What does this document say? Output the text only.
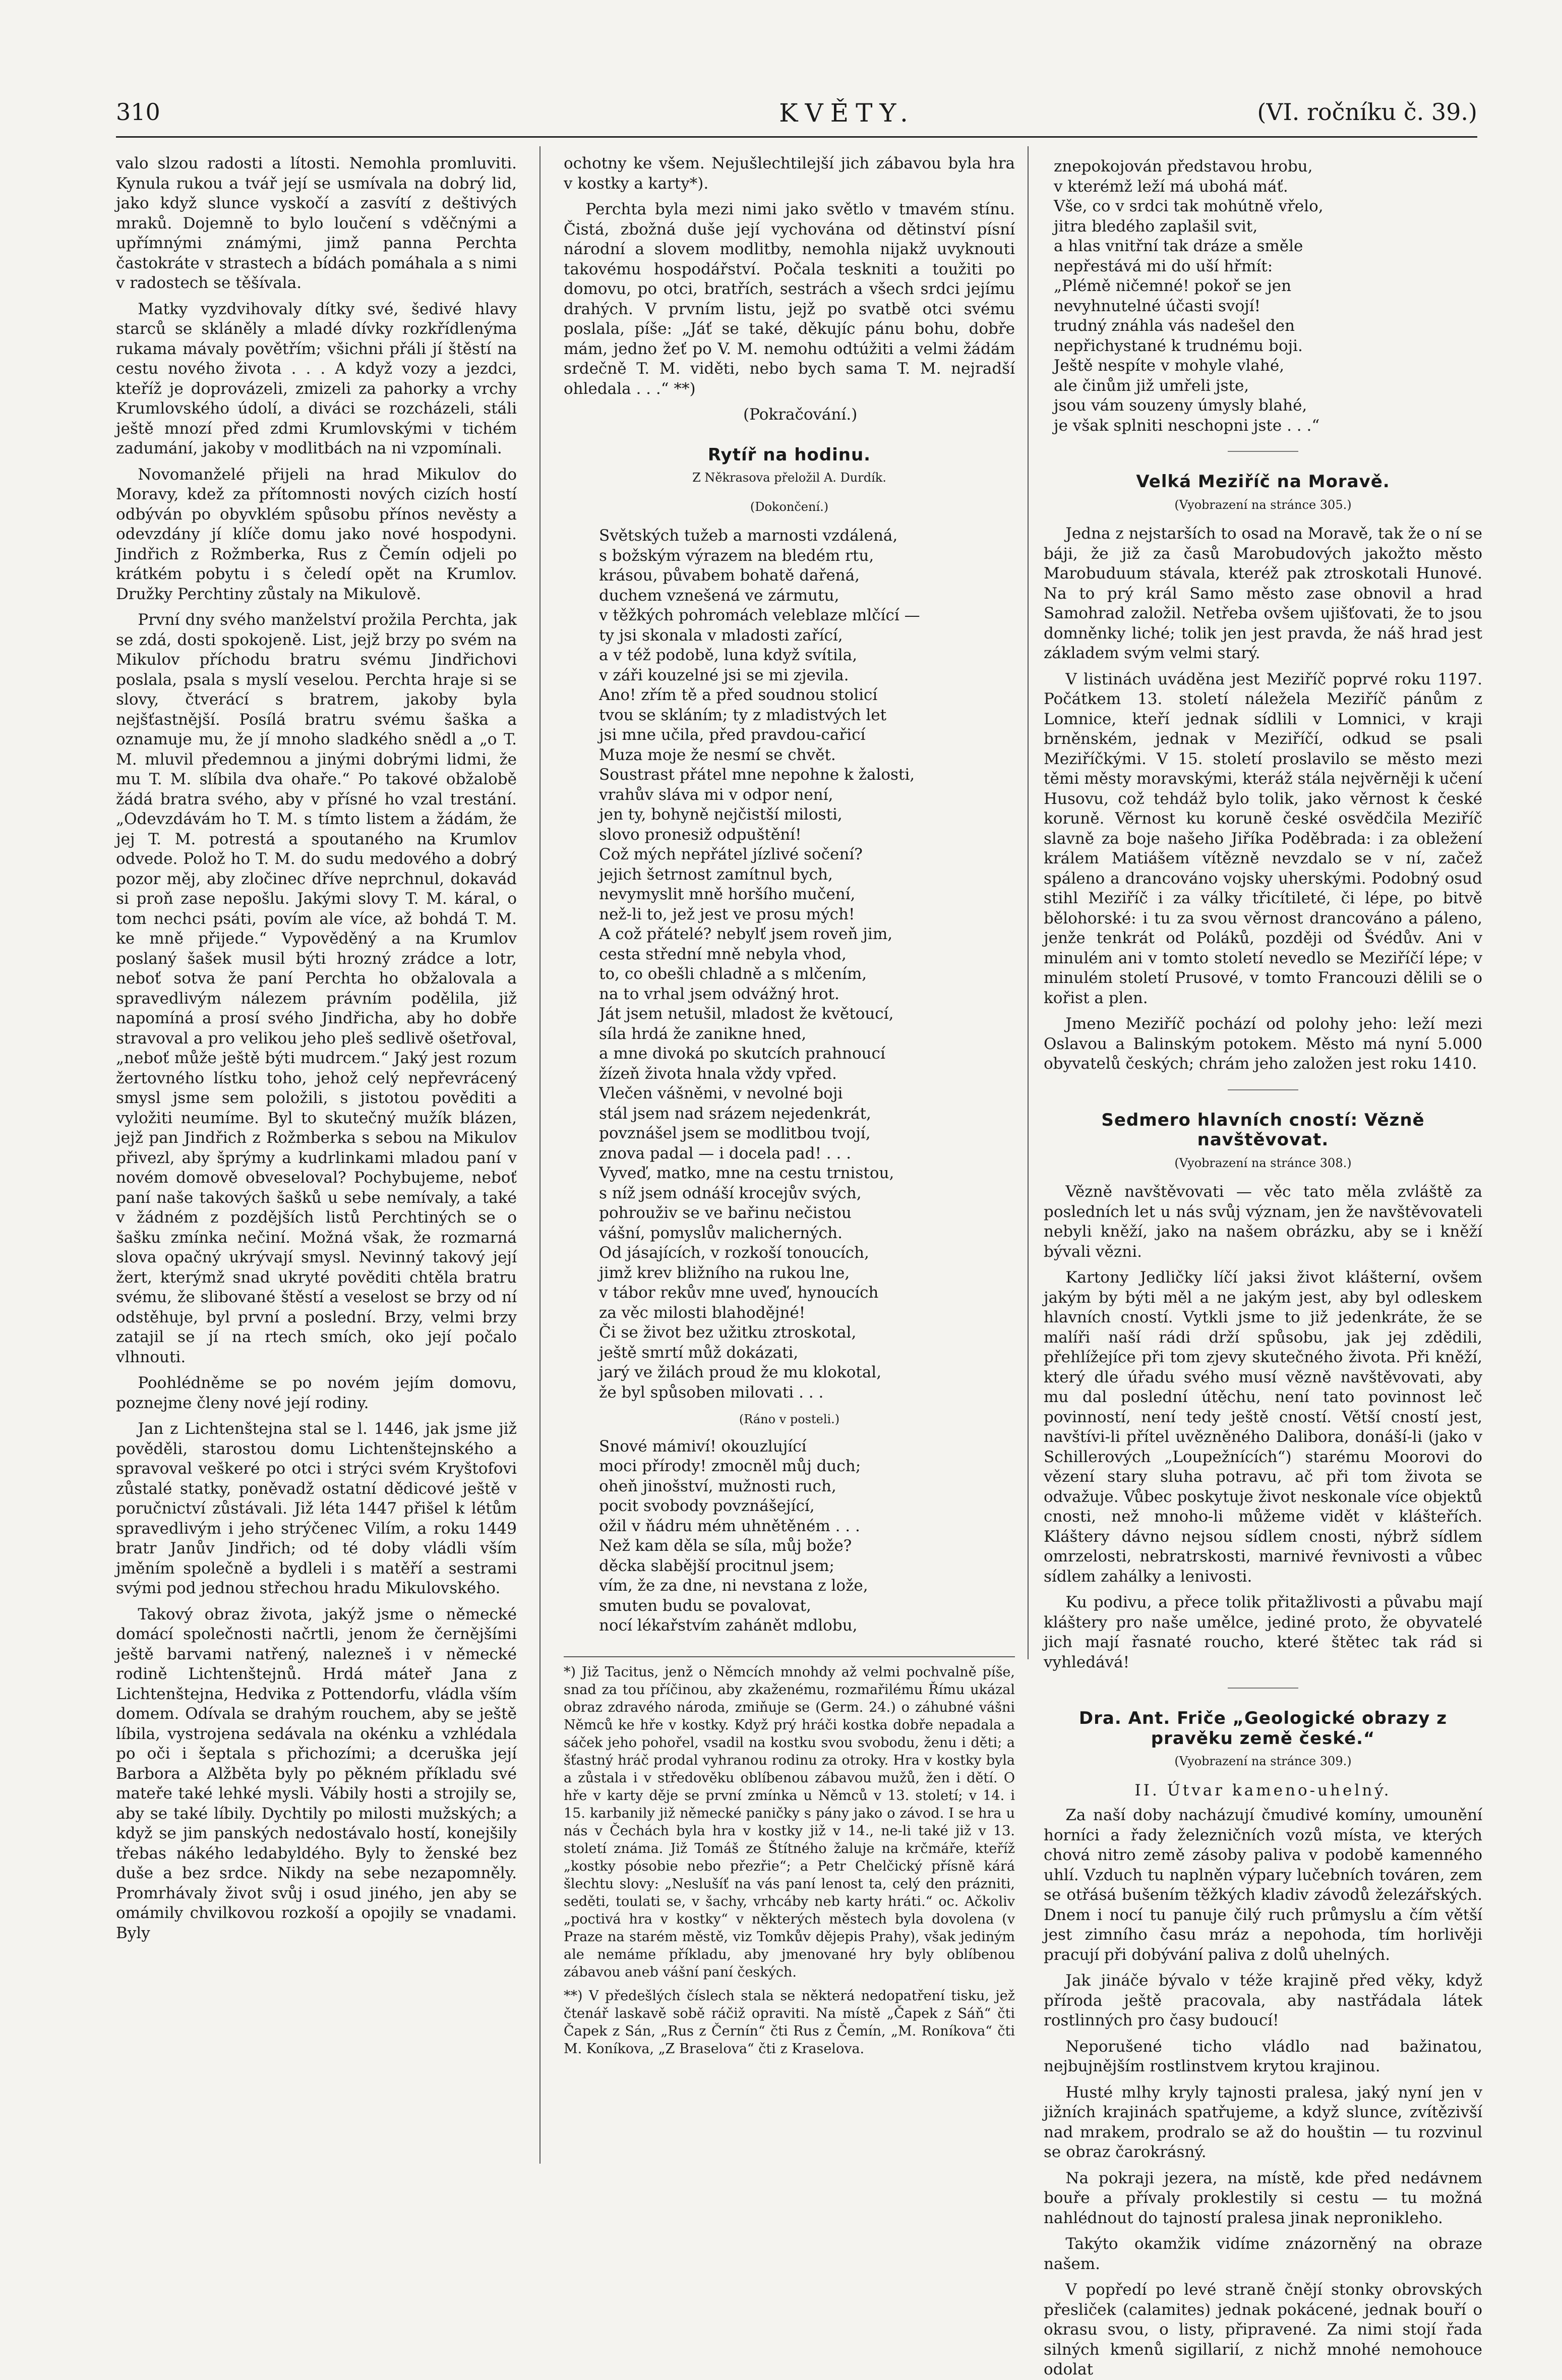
310	KVĚTY.	(VI. ročníku č. 39.)

valo slzou radosti a lítosti. Nemohla promluviti. Kynula rukou a tvář její se usmívala na dobrý lid, jako když slunce vyskočí a zasvítí z deštivých mraků. Dojemně to bylo loučení s vděčnými a upřímnými známými, jimž panna Perchta častokráte v strastech a bídách pomáhala a s nimi v radostech se těšívala.

Matky vyzdvihovaly dítky své, šedivé hlavy starců se skláněly a mladé dívky rozkřídlenýma rukama mávaly povětřím; všichni přáli jí štěstí na cestu nového života . . . A když vozy a jezdci, kteříž je doprovázeli, zmizeli za pahorky a vrchy Krumlovského údolí, a diváci se rozcházeli, stáli ještě mnozí před zdmi Krumlovskými v tichém zadumání, jakoby v modlitbách na ni vzpomínali.

Novomanželé přijeli na hrad Mikulov do Moravy, kdež za přítomnosti nových cizích hostí odbýván po obyvklém spůsobu přínos nevěsty a odevzdány jí klíče domu jako nové hospodyni. Jindřich z Rožmberka, Rus z Čemín odjeli po krátkém pobytu i s čeledí opět na Krumlov. Družky Perchtiny zůstaly na Mikulově.

První dny svého manželství prožila Perchta, jak se zdá, dosti spokojeně. List, jejž brzy po svém na Mikulov příchodu bratru svému Jindřichovi poslala, psala s myslí veselou. Perchta hraje si se slovy, čtverácí s bratrem, jakoby byla nejšťastnější. Posílá bratru svému šaška a oznamuje mu, že jí mnoho sladkého snědl a „o T. M. mluvil předemnou a jinými dobrými lidmi, že mu T. M. slíbila dva ohaře.“ Po takové obžalobě žádá bratra svého, aby v přísné ho vzal trestání. „Odevzdávám ho T. M. s tímto listem a žádám, že jej T. M. potrestá a spoutaného na Krumlov odvede. Polož ho T. M. do sudu medového a dobrý pozor měj, aby zločinec dříve neprchnul, dokavád si proň zase nepošlu. Jakými slovy T. M. káral, o tom nechci psáti, povím ale více, až bohdá T. M. ke mně přijede.“ Vypověděný a na Krumlov poslaný šašek musil býti hrozný zrádce a lotr, neboť sotva že paní Perchta ho obžalovala a spravedlivým nálezem právním podělila, již napomíná a prosí svého Jindřicha, aby ho dobře stravoval a pro velikou jeho pleš sedlivě ošetřoval, „neboť může ještě býti mudrcem.“ Jaký jest rozum žertovného lístku toho, jehož celý nepřevrácený smysl jsme sem položili, s jistotou pověditi a vyložiti neumíme. Byl to skutečný mužík blázen, jejž pan Jindřich z Rožmberka s sebou na Mikulov přivezl, aby šprýmy a kudrlinkami mladou paní v novém domově obveseloval? Pochybujeme, neboť paní naše takových šašků u sebe nemívaly, a také v žádném z pozdějších listů Perchtiných se o šašku zmínka nečiní. Možná však, že rozmarná slova opačný ukrývají smysl. Nevinný takový její žert, kterýmž snad ukryté pověditi chtěla bratru svému, že slibované štěstí a veselost se brzy od ní odstěhuje, byl první a poslední. Brzy, velmi brzy zatajil se jí na rtech smích, oko její počalo vlhnouti.

Poohlédněme se po novém jejím domovu, poznejme členy nové její rodiny.

Jan z Lichtenštejna stal se l. 1446, jak jsme již pověděli, starostou domu Lichtenštejnského a spravoval veškeré po otci i strýci svém Kryštofovi zůstalé statky, poněvadž ostatní dědicové ještě v poručnictví zůstávali. Již léta 1447 přišel k létům spravedlivým i jeho strýčenec Vilím, a roku 1449 bratr Janův Jindřich; od té doby vládli vším jměním společně a bydleli i s matěří a sestrami svými pod jednou střechou hradu Mikulovského.

Takový obraz života, jakýž jsme o německé domácí společnosti načrtli, jenom že černějšími ještě barvami natřený, nalezneš i v německé rodině Lichtenštejnů. Hrdá máteř Jana z Lichtenštejna, Hedvika z Pottendorfu, vládla vším domem. Odívala se drahým rouchem, aby se ještě líbila, vystrojena sedávala na okénku a vzhlédala po oči i šeptala s přichozími; a dceruška její Barbora a Alžběta byly po pěkném příkladu své mateře také lehké mysli. Vábily hosti a strojily se, aby se také líbily. Dychtily po milosti mužských; a když se jim panských nedostávalo hostí, konejšily třebas nákého ledabyldého. Byly to ženské bez duše a bez srdce. Nikdy na sebe nezapomněly. Promrhávaly život svůj i osud jiného, jen aby se omámily chvilkovou rozkoší a opojily se vnadami. Byly

ochotny ke všem. Nejušlechtilejší jich zábavou byla hra v kostky a karty*).

Perchta byla mezi nimi jako světlo v tmavém stínu. Čistá, zbožná duše její vychována od dětinství písní národní a slovem modlitby, nemohla nijakž uvyknouti takovému hospodářství. Počala teskniti a toužiti po domovu, po otci, bratřích, sestrách a všech srdci jejímu drahých. V prvním listu, jejž po svatbě otci svému poslala, píše: „Jáť se také, děkujíc pánu bohu, dobře mám, jedno žeť po V. M. nemohu odtúžiti a velmi žádám srdečně T. M. viděti, nebo bych sama T. M. nejradší ohledala . . .“ **)

(Pokračování.)

Rytíř na hodinu.
Z Někrasova přeložil A. Durdík.
(Dokončení.)
Světských tužeb a marnosti vzdálená,
s božským výrazem na bledém rtu,
krásou, půvabem bohatě dařená,
duchem vznešená ve zármutu,
v těžkých pohromách veleblaze mlčící —
ty jsi skonala v mladosti zařící,
a v též podobě, luna když svítila,
v záři kouzelné jsi se mi zjevila.
Ano! zřím tě a před soudnou stolicí
tvou se skláním; ty z mladistvých let
jsi mne učila, před pravdou-cařicí
Muza moje že nesmí se chvět.
Soustrast přátel mne nepohne k žalosti,
vrahův sláva mi v odpor není,
jen ty, bohyně nejčistší milosti,
slovo pronesiž odpuštění!
Což mých nepřátel jízlivé sočení?
jejich šetrnost zamítnul bych,
nevymyslit mně horšího mučení,
než-li to, jež jest ve prosu mých!
A což přátelé? nebylť jsem roveň jim,
cesta střední mně nebyla vhod,
to, co obešli chladně a s mlčením,
na to vrhal jsem odvážný hrot.
Ját jsem netušil, mladost že květoucí,
síla hrdá že zanikne hned,
a mne divoká po skutcích prahnoucí
žízeň života hnala vždy vpřed.
Vlečen vášněmi, v nevolné boji
stál jsem nad srázem nejedenkrát,
povznášel jsem se modlitbou tvojí,
znova padal — i docela pad! . . .
Vyveď, matko, mne na cestu trnistou,
s níž jsem odnáší krocejův svých,
pohrouživ se ve bařinu nečistou
vášní, pomyslův malicherných.
Od jásajících, v rozkoší tonoucích,
jimž krev bližního na rukou lne,
v tábor rekův mne uveď, hynoucích
za věc milosti blahodějné!
Či se život bez užitku ztroskotal,
ještě smrtí můž dokázati,
jarý ve žilách proud že mu klokotal,
že byl spůsoben milovati . . .
(Ráno v posteli.)
Snové mámiví! okouzlující
moci přírody! zmocněl můj duch;
oheň jinošství, mužnosti ruch,
pocit svobody povznášející,
ožil v ňádru mém uhnětěném . . .
Než kam děla se síla, můj bože?
děcka slabější procitnul jsem;
vím, že za dne, ni nevstana z lože,
smuten budu se povalovat,
nocí lékařstvím zahánět mdlobu,

*) Již Tacitus, jenž o Němcích mnohdy až velmi pochvalně píše, snad za tou příčinou, aby zkaženému, rozmařilému Římu ukázal obraz zdravého národa, zmiňuje se (Germ. 24.) o záhubné vášni Němců ke hře v kostky. Když prý hráči kostka dobře nepadala a sáček jeho pohořel, vsadil na kostku svou svobodu, ženu i děti; a šťastný hráč prodal vyhranou rodinu za otroky. Hra v kostky byla a zůstala i v středověku oblíbenou zábavou mužů, žen i dětí. O hře v karty děje se první zmínka u Němců v 13. století; v 14. i 15. karbanily již německé paničky s pány jako o závod. I se hra u nás v Čechách byla hra v kostky již v 14., ne-li také již v 13. století známa. Již Tomáš ze Štítného žaluje na krčmáře, kteříž „kostky pósobie nebo přezřie“; a Petr Chelčický přísně kárá šlechtu slovy: „Neslušíť na vás paní lenost ta, celý den prázniti, seděti, toulati se, v šachy, vrhcáby neb karty hráti.“ oc. Ačkoliv „poctivá hra v kostky“ v některých městech byla dovolena (v Praze na starém městě, viz Tomkův dějepis Prahy), však jediným ale nemáme příkladu, aby jmenované hry byly oblíbenou zábavou aneb vášní paní českých.

**) V předešlých číslech stala se některá nedopatření tisku, jež čtenář laskavě sobě ráčiž opraviti. Na místě „Čapek z Sáň“ čti Čapek z Sán, „Rus z Černín“ čti Rus z Čemín, „M. Roníkova“ čti M. Koníkova, „Z Braselova“ čti z Kraselova.

znepokojován představou hrobu,
v kterémž leží má ubohá máť.
Vše, co v srdci tak mohútně vřelo,
jitra bledého zaplašil svit,
a hlas vnitřní tak dráze a směle
nepřestává mi do uší hřmít:
„Plémě ničemné! pokoř se jen
nevyhnutelné účasti svojí!
trudný znáhla vás nadešel den
nepřichystané k trudnému boji.
Ještě nespíte v mohyle vlahé,
ale činům již umřeli jste,
jsou vám souzeny úmysly blahé,
je však splniti neschopni jste . . .“
Velká Meziříč na Moravě.
(Vyobrazení na stránce 305.)

Jedna z nejstarších to osad na Moravě, tak že o ní se báji, že již za časů Marobudových jakožto město Marobuduum stávala, kteréž pak ztroskotali Hunové. Na to prý král Samo město zase obnovil a hrad Samohrad založil. Netřeba ovšem ujišťovati, že to jsou domněnky liché; tolik jen jest pravda, že náš hrad jest základem svým velmi starý.

V listinách uváděna jest Meziříč poprvé roku 1197. Počátkem 13. století náležela Meziříč pánům z Lomnice, kteří jednak sídlili v Lomnici, v kraji brněnském, jednak v Meziříčí, odkud se psali Meziříčkými. V 15. století proslavilo se město mezi těmi městy moravskými, kteráž stála nejvěrněji k učení Husovu, což tehdáž bylo tolik, jako věrnost k české koruně. Věrnost ku koruně české osvědčila Meziříč slavně za boje našeho Jiříka Poděbrada: i za obležení králem Matiášem vítězně nevzdalo se v ní, začež spáleno a drancováno vojsky uherskými. Podobný osud stihl Meziříč i za války třicítileté, či lépe, po bitvě bělohorské: i tu za svou věrnost drancováno a páleno, jenže tenkrát od Poláků, později od Švédův. Ani v minulém ani v tomto století nevedlo se Meziříčí lépe; v minulém století Prusové, v tomto Francouzi dělili se o kořist a plen.

Jmeno Meziříč pochází od polohy jeho: leží mezi Oslavou a Balinským potokem. Město má nyní 5.000 obyvatelů českých; chrám jeho založen jest roku 1410.

Sedmero hlavních cností: Vězně navštěvovat.
(Vyobrazení na stránce 308.)

Vězně navštěvovati — věc tato měla zvláště za posledních let u nás svůj význam, jen že navštěvovateli nebyli kněží, jako na našem obrázku, aby se i kněží bývali vězni.

Kartony Jedličky líčí jaksi život klášterní, ovšem jakým by býti měl a ne jakým jest, aby byl odleskem hlavních cností. Vytkli jsme to již jedenkráte, že se malíři naší rádi drží spůsobu, jak jej zdědili, přehlížejíce při tom zjevy skutečného života. Při kněží, který dle úřadu svého musí vězně navštěvovati, aby mu dal poslední útěchu, není tato povinnost leč povinností, není tedy ještě cností. Větší cností jest, navštívi-li přítel uvězněného Dalibora, donáší-li (jako v Schillerových „Loupežnících“) starému Moorovi do vězení stary sluha potravu, ač při tom života se odvažuje. Vůbec poskytuje život neskonale více objektů cnosti, než mnoho-li můžeme vidět v klášteřích. Kláštery dávno nejsou sídlem cnosti, nýbrž sídlem omrzelosti, nebratrskosti, marnivé řevnivosti a vůbec sídlem zahálky a lenivosti.

Ku podivu, a přece tolik přitažlivosti a půvabu mají kláštery pro naše umělce, jediné proto, že obyvatelé jich mají řasnaté roucho, které štětec tak rád si vyhledává!

Dra. Ant. Friče „Geologické obrazy z pravěku země české.“
(Vyobrazení na stránce 309.)
II. Útvar kameno-uhelný.

Za naší doby nacházují čmudivé komíny, umounění horníci a řady železničních vozů místa, ve kterých chová nitro země zásoby paliva v podobě kamenného uhlí. Vzduch tu naplněn výpary lučebních továren, zem se otřásá bušením těžkých kladiv závodů železářských. Dnem i nocí tu panuje čilý ruch průmyslu a čím větší jest zimního času mráz a nepohoda, tím horlivěji pracují při dobývání paliva z dolů uhelných.

Jak jináče bývalo v téže krajině před věky, když příroda ještě pracovala, aby nastřádala látek rostlinných pro časy budoucí!

Neporušené ticho vládlo nad bažinatou, nejbujnějším rostlinstvem krytou krajinou.

Husté mlhy kryly tajnosti pralesa, jaký nyní jen v jižních krajinách spatřujeme, a když slunce, zvítězivší nad mrakem, prodralo se až do houštin — tu rozvinul se obraz čarokrásný.

Na pokraji jezera, na místě, kde před nedávnem bouře a přívaly proklestily si cestu — tu možná nahlédnout do tajností pralesa jinak nepronikleho.

Takýto okamžik vidíme znázorněný na obraze našem.

V popředí po levé straně čnějí stonky obrovských přesliček (calamites) jednak pokácené, jednak bouří o okrasu svou, o listy, připravené. Za nimi stojí řada silných kmenů sigillarií, z nichž mnohé nemohouce odolat
